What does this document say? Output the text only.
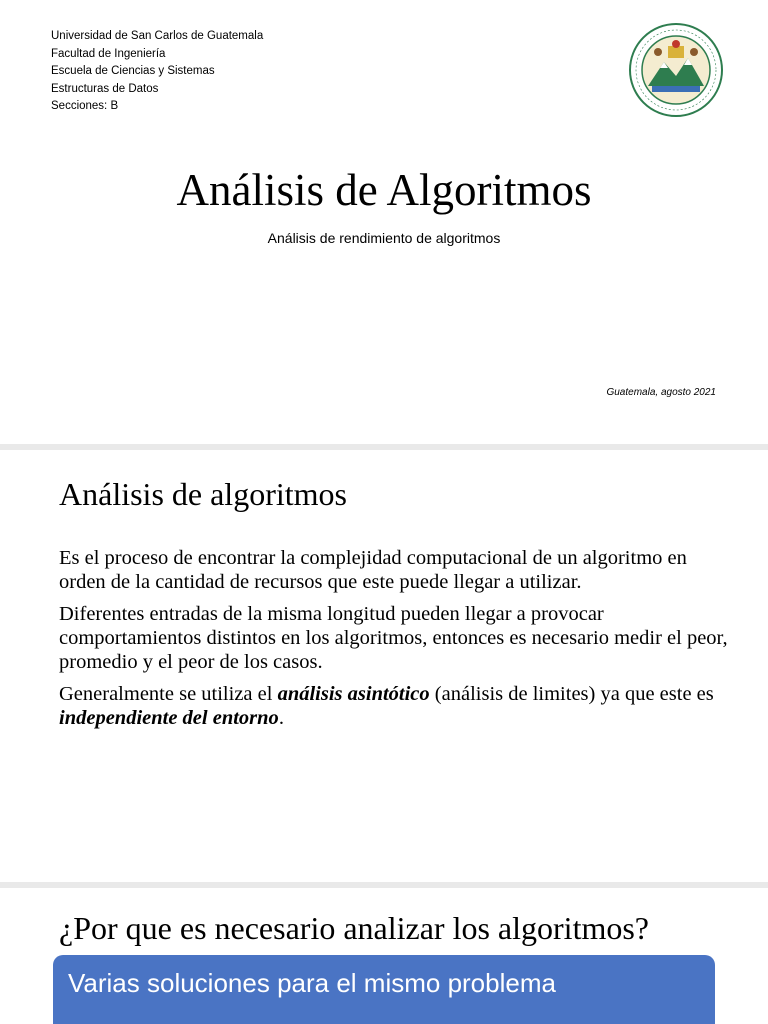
Universidad de San Carlos de Guatemala
Facultad de Ingeniería
Escuela de Ciencias y Sistemas
Estructuras de Datos
Secciones: B
Análisis de Algoritmos
Análisis de rendimiento de algoritmos
Guatemala, agosto 2021
Análisis de algoritmos

Es el proceso de encontrar la complejidad computacional de un algoritmo en orden de la cantidad de recursos que este puede llegar a utilizar.

Diferentes entradas de la misma longitud pueden llegar a provocar comportamientos distintos en los algoritmos, entonces es necesario medir el peor, promedio y el peor de los casos.

Generalmente se utiliza el análisis asintótico (análisis de limites) ya que este es independiente del entorno.

¿Por que es necesario analizar los algoritmos?
Varias soluciones para el mismo problema
